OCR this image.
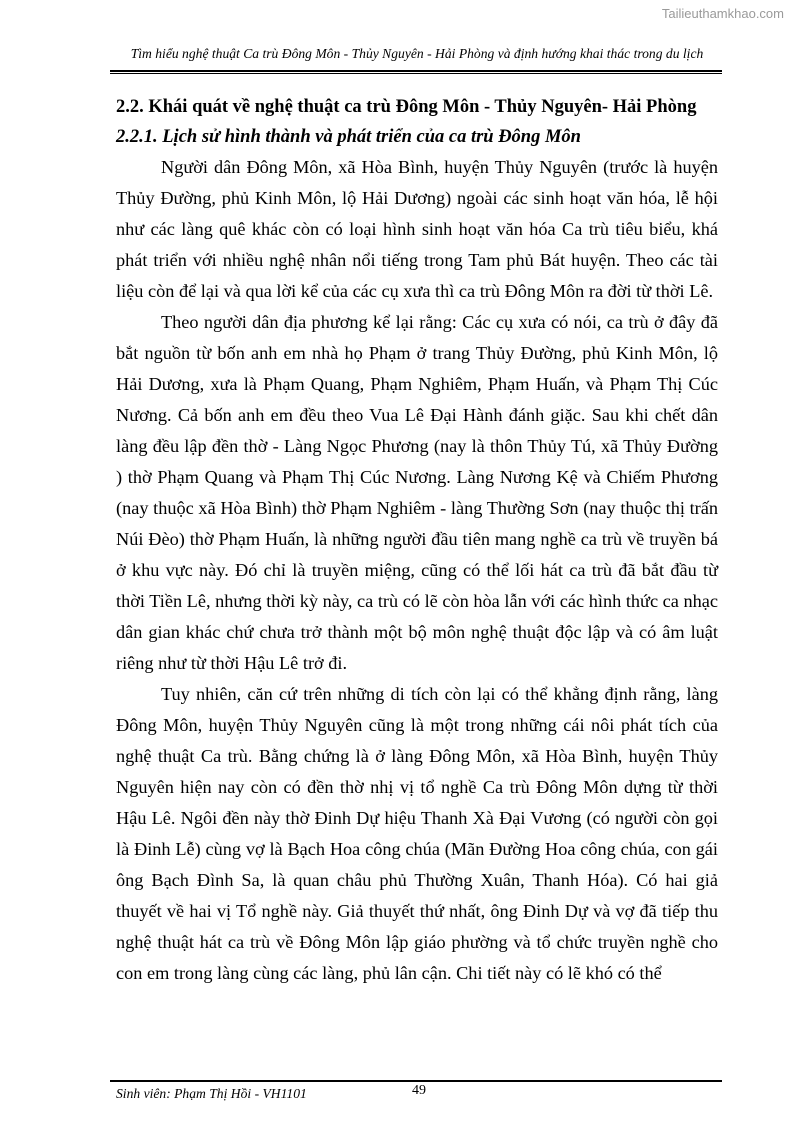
Tailieuthamkhao.com
Tìm hiểu nghệ thuật Ca trù Đông Môn - Thủy Nguyên - Hải Phòng và định hướng khai thác trong du lịch

2.2. Khái quát về nghệ thuật ca trù Đông Môn - Thủy Nguyên- Hải Phòng

2.2.1. Lịch sử hình thành và phát triển của ca trù Đông Môn

Người dân Đông Môn, xã Hòa Bình, huyện Thủy Nguyên (trước là huyện Thủy Đường, phủ Kinh Môn, lộ Hải Dương) ngoài các sinh hoạt văn hóa, lễ hội như các làng quê khác còn có loại hình sinh hoạt văn hóa Ca trù tiêu biểu, khá phát triển với nhiều nghệ nhân nổi tiếng trong Tam phủ Bát huyện. Theo các tài liệu còn để lại và qua lời kể của các cụ xưa thì ca trù Đông Môn ra đời từ thời Lê.

Theo người dân địa phương kể lại rằng: Các cụ xưa có nói, ca trù ở đây đã bắt nguồn từ bốn anh em nhà họ Phạm ở trang Thủy Đường, phủ Kinh Môn, lộ Hải Dương, xưa là Phạm Quang, Phạm Nghiêm, Phạm Huấn, và Phạm Thị Cúc Nương. Cả bốn anh em đều theo Vua Lê Đại Hành đánh giặc. Sau khi chết dân làng đều lập đền thờ - Làng Ngọc Phương (nay là thôn Thủy Tú, xã Thủy Đường ) thờ Phạm Quang và Phạm Thị Cúc Nương. Làng Nương Kệ và Chiếm Phương (nay thuộc xã Hòa Bình) thờ Phạm Nghiêm - làng Thường Sơn (nay thuộc thị trấn Núi Đèo) thờ Phạm Huấn, là những người đầu tiên mang nghề ca trù về truyền bá ở khu vực này. Đó chỉ là truyền miệng, cũng có thể lối hát ca trù đã bắt đầu từ thời Tiền Lê, nhưng thời kỳ này, ca trù có lẽ còn hòa lẫn với các hình thức ca nhạc dân gian khác chứ chưa trở thành một bộ môn nghệ thuật độc lập và có âm luật riêng như từ thời Hậu Lê trở đi.

Tuy nhiên, căn cứ trên những di tích còn lại có thể khẳng định rằng, làng Đông Môn, huyện Thủy Nguyên cũng là một trong những cái nôi phát tích của nghệ thuật Ca trù. Bằng chứng là ở làng Đông Môn, xã Hòa Bình, huyện Thủy Nguyên hiện nay còn có đền thờ nhị vị tổ nghề Ca trù Đông Môn dựng từ thời Hậu Lê. Ngôi đền này thờ Đinh Dự hiệu Thanh Xà Đại Vương (có người còn gọi là Đinh Lễ) cùng vợ là Bạch Hoa công chúa (Mãn Đường Hoa công chúa, con gái ông Bạch Đình Sa, là quan châu phủ Thường Xuân, Thanh Hóa). Có hai giả thuyết về hai vị Tổ nghề này. Giả thuyết thứ nhất, ông Đinh Dự và vợ đã tiếp thu nghệ thuật hát ca trù về Đông Môn lập giáo phường và tổ chức truyền nghề cho con em trong làng cùng các làng, phủ lân cận. Chi tiết này có lẽ khó có thể

Sinh viên: Phạm Thị Hồi - VH1101	49
